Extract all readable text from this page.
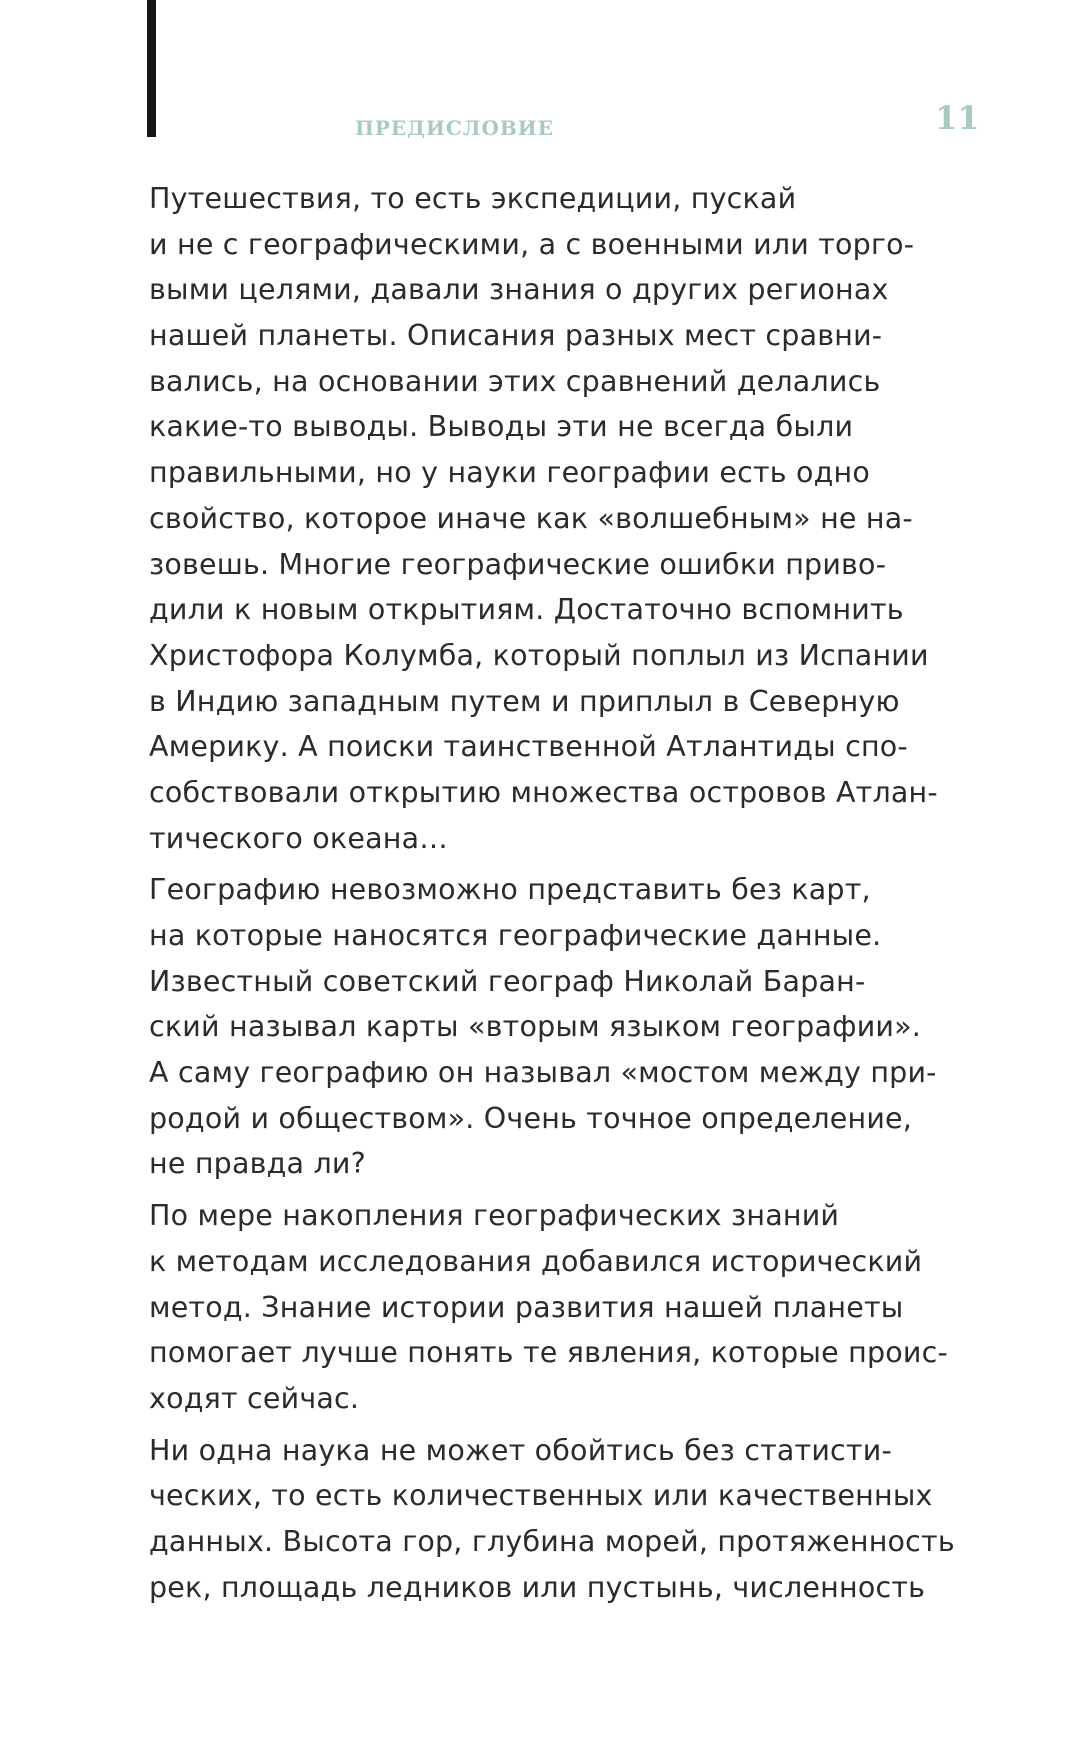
ПРЕДИСЛОВИЕ	11
Путешествия, то есть экспедиции, пускай
и не с географическими, а с военными или торго-
выми целями, давали знания о других регионах
нашей планеты. Описания разных мест сравни-
вались, на основании этих сравнений делались
какие-то выводы. Выводы эти не всегда были
правильными, но у науки географии есть одно
свойство, которое иначе как «волшебным» не на-
зовешь. Многие географические ошибки приво-
дили к новым открытиям. Достаточно вспомнить
Христофора Колумба, который поплыл из Испании
в Индию западным путем и приплыл в Северную
Америку. А поиски таинственной Атлантиды спо-
собствовали открытию множества островов Атлан-
тического океана…
Географию невозможно представить без карт,
на которые наносятся географические данные.
Известный советский географ Николай Баран-
ский называл карты «вторым языком географии».
А саму географию он называл «мостом между при-
родой и обществом». Очень точное определение,
не правда ли?
По мере накопления географических знаний
к методам исследования добавился исторический
метод. Знание истории развития нашей планеты
помогает лучше понять те явления, которые проис-
ходят сейчас.
Ни одна наука не может обойтись без статисти-
ческих, то есть количественных или качественных
данных. Высота гор, глубина морей, протяженность
рек, площадь ледников или пустынь, численность
